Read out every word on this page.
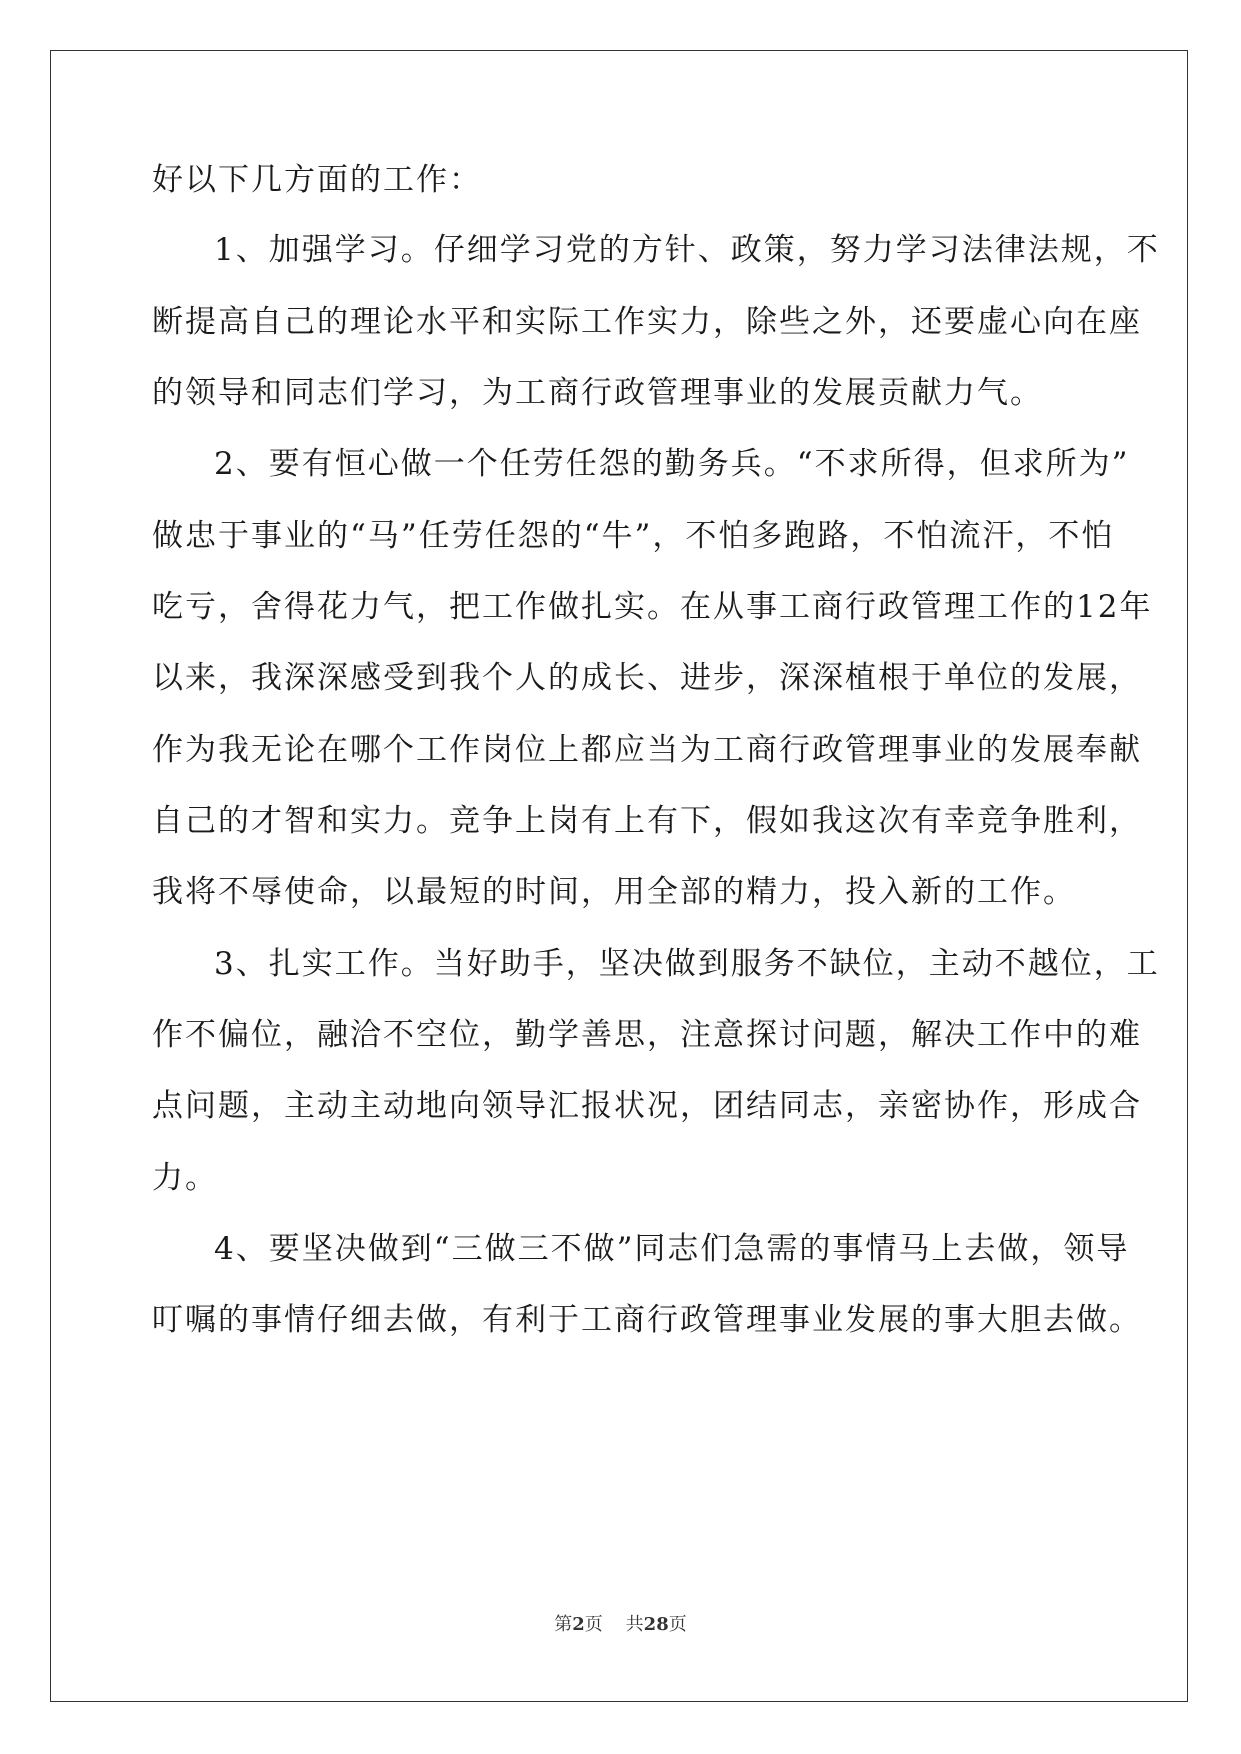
好以下几方面的工作：
1、加强学习。仔细学习党的方针、政策，努力学习法律法规，不
断提高自己的理论水平和实际工作实力，除些之外，还要虚心向在座
的领导和同志们学习，为工商行政管理事业的发展贡献力气。
2、要有恒心做一个任劳任怨的勤务兵。“不求所得，但求所为”
做忠于事业的“马”任劳任怨的“牛”，不怕多跑路，不怕流汗，不怕
吃亏，舍得花力气，把工作做扎实。在从事工商行政管理工作的12年
以来，我深深感受到我个人的成长、进步，深深植根于单位的发展，
作为我无论在哪个工作岗位上都应当为工商行政管理事业的发展奉献
自己的才智和实力。竞争上岗有上有下，假如我这次有幸竞争胜利，
我将不辱使命，以最短的时间，用全部的精力，投入新的工作。
3、扎实工作。当好助手，坚决做到服务不缺位，主动不越位，工
作不偏位，融洽不空位，勤学善思，注意探讨问题，解决工作中的难
点问题，主动主动地向领导汇报状况，团结同志，亲密协作，形成合
力。
4、要坚决做到“三做三不做”同志们急需的事情马上去做，领导
叮嘱的事情仔细去做，有利于工商行政管理事业发展的事大胆去做。
第2页 共28页
